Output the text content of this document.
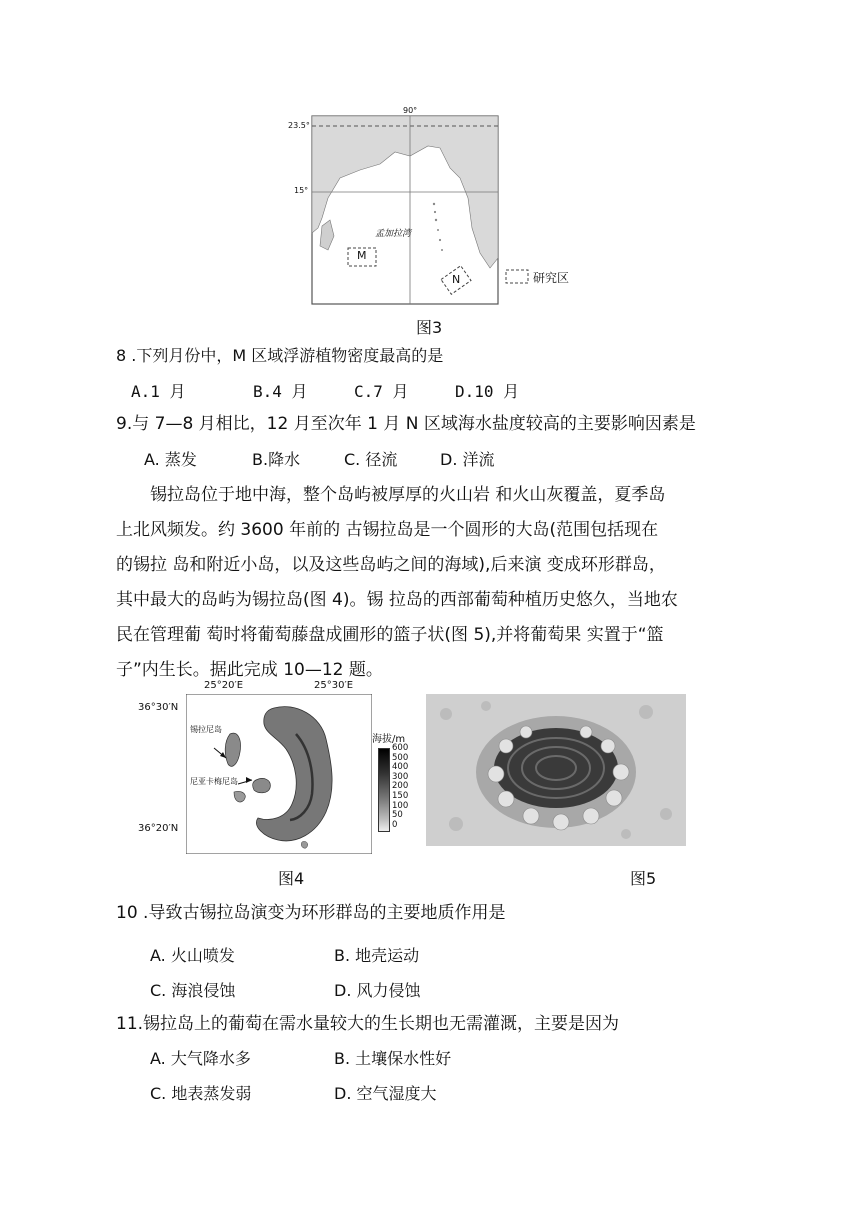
90°
23.5°
15°
孟加拉湾
M
N	研究区
图3
8 .下列月份中，M 区域浮游植物密度最高的是
A.1 月	B.4 月	C.7 月	D.10 月
9.与 7—8 月相比，12 月至次年 1 月 N 区域海水盐度较高的主要影响因素是
A. 蒸发	B.降水	C. 径流	D. 洋流
锡拉岛位于地中海，整个岛屿被厚厚的火山岩 和火山灰覆盖，夏季岛
上北风频发。约 3600 年前的 古锡拉岛是一个圆形的大岛(范围包括现在
的锡拉 岛和附近小岛，以及这些岛屿之间的海域),后来演 变成环形群岛，
其中最大的岛屿为锡拉岛(图 4)。锡 拉岛的西部葡萄种植历史悠久，当地农
民在管理葡 萄时将葡萄藤盘成圃形的篮子状(图 5),并将葡萄果 实置于“篮
子”内生长。据此完成 10—12 题。
25°20′E	25°30′E
36°30′N
36°20′N
锡拉尼岛
尼亚卡梅尼岛
海拔/m
600
500
400
300
200
150
100
50
0
图4	图5
10 .导致古锡拉岛演变为环形群岛的主要地质作用是
A. 火山喷发	B. 地壳运动
C. 海浪侵蚀	D. 风力侵蚀
11.锡拉岛上的葡萄在需水量较大的生长期也无需灌溉，主要是因为
A. 大气降水多	B. 土壤保水性好
C. 地表蒸发弱	D. 空气湿度大
